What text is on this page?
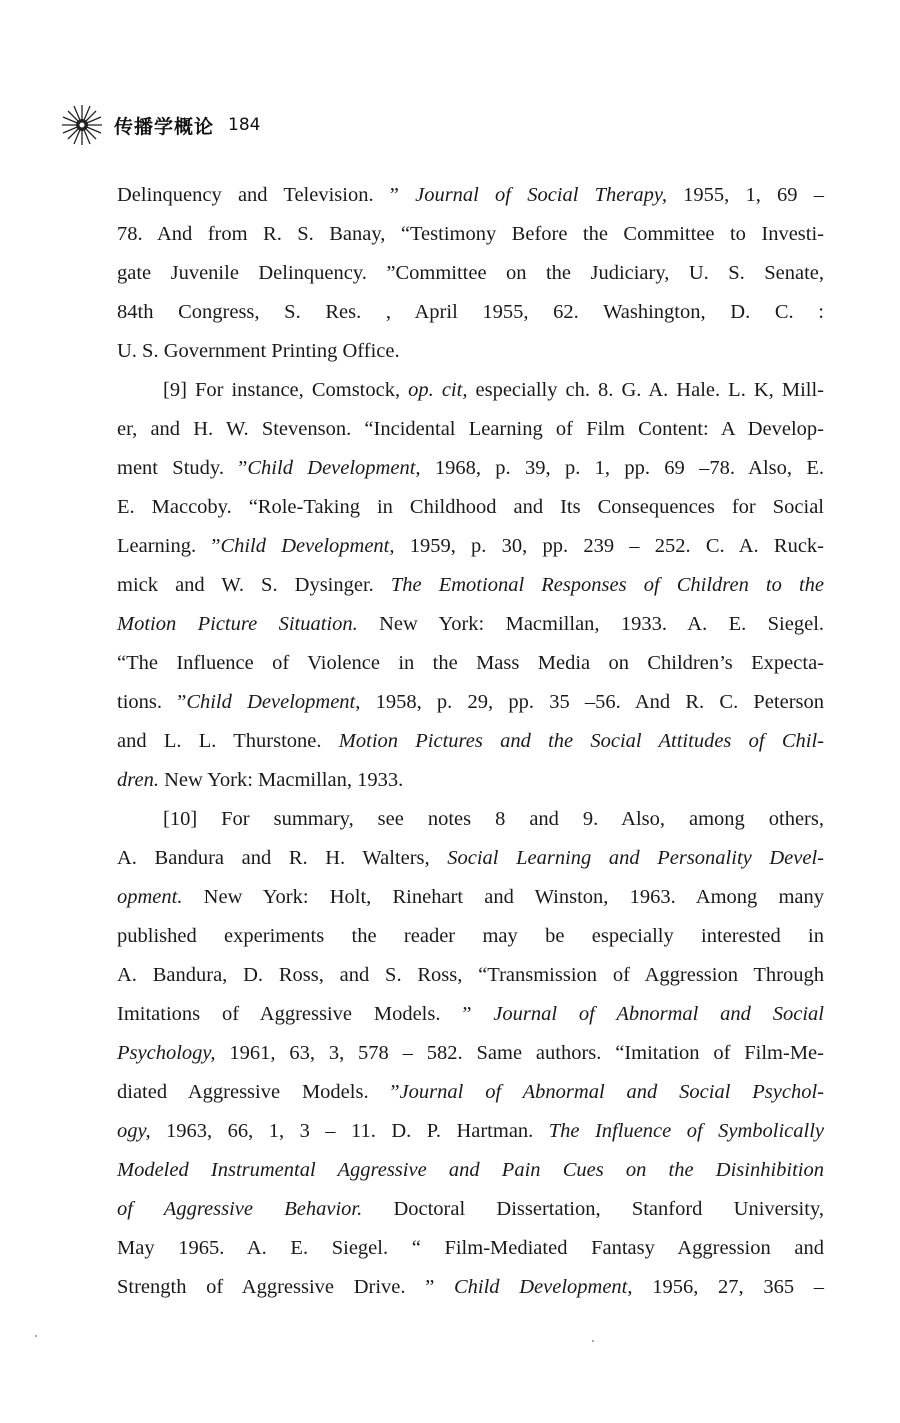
传播学概论 184
Delinquency and Television. ” Journal of Social Therapy, 1955, 1, 69 –
78. And from R. S. Banay, “Testimony Before the Committee to Investi-
gate Juvenile Delinquency. ”Committee on the Judiciary, U. S. Senate,
84th Congress, S. Res. , April 1955, 62. Washington, D. C. :
U. S. Government Printing Office.
[9] For instance, Comstock, op. cit, especially ch. 8. G. A. Hale. L. K, Mill-
er, and H. W. Stevenson. “Incidental Learning of Film Content: A Develop-
ment Study. ”Child Development, 1968, p. 39, p. 1, pp. 69 –78. Also, E.
E. Maccoby. “Role-Taking in Childhood and Its Consequences for Social
Learning. ”Child Development, 1959, p. 30, pp. 239 – 252. C. A. Ruck-
mick and W. S. Dysinger. The Emotional Responses of Children to the
Motion Picture Situation. New York: Macmillan, 1933. A. E. Siegel.
“The Influence of Violence in the Mass Media on Children’s Expecta-
tions. ”Child Development, 1958, p. 29, pp. 35 –56. And R. C. Peterson
and L. L. Thurstone. Motion Pictures and the Social Attitudes of Chil-
dren. New York: Macmillan, 1933.
[10] For summary, see notes 8 and 9. Also, among others,
A. Bandura and R. H. Walters, Social Learning and Personality Devel-
opment. New York: Holt, Rinehart and Winston, 1963. Among many
published experiments the reader may be especially interested in
A. Bandura, D. Ross, and S. Ross, “Transmission of Aggression Through
Imitations of Aggressive Models. ” Journal of Abnormal and Social
Psychology, 1961, 63, 3, 578 – 582. Same authors. “Imitation of Film-Me-
diated Aggressive Models. ”Journal of Abnormal and Social Psychol-
ogy, 1963, 66, 1, 3 – 11. D. P. Hartman. The Influence of Symbolically
Modeled Instrumental Aggressive and Pain Cues on the Disinhibition
of Aggressive Behavior. Doctoral Dissertation, Stanford University,
May 1965. A. E. Siegel. “ Film-Mediated Fantasy Aggression and
Strength of Aggressive Drive. ” Child Development, 1956, 27, 365 –
